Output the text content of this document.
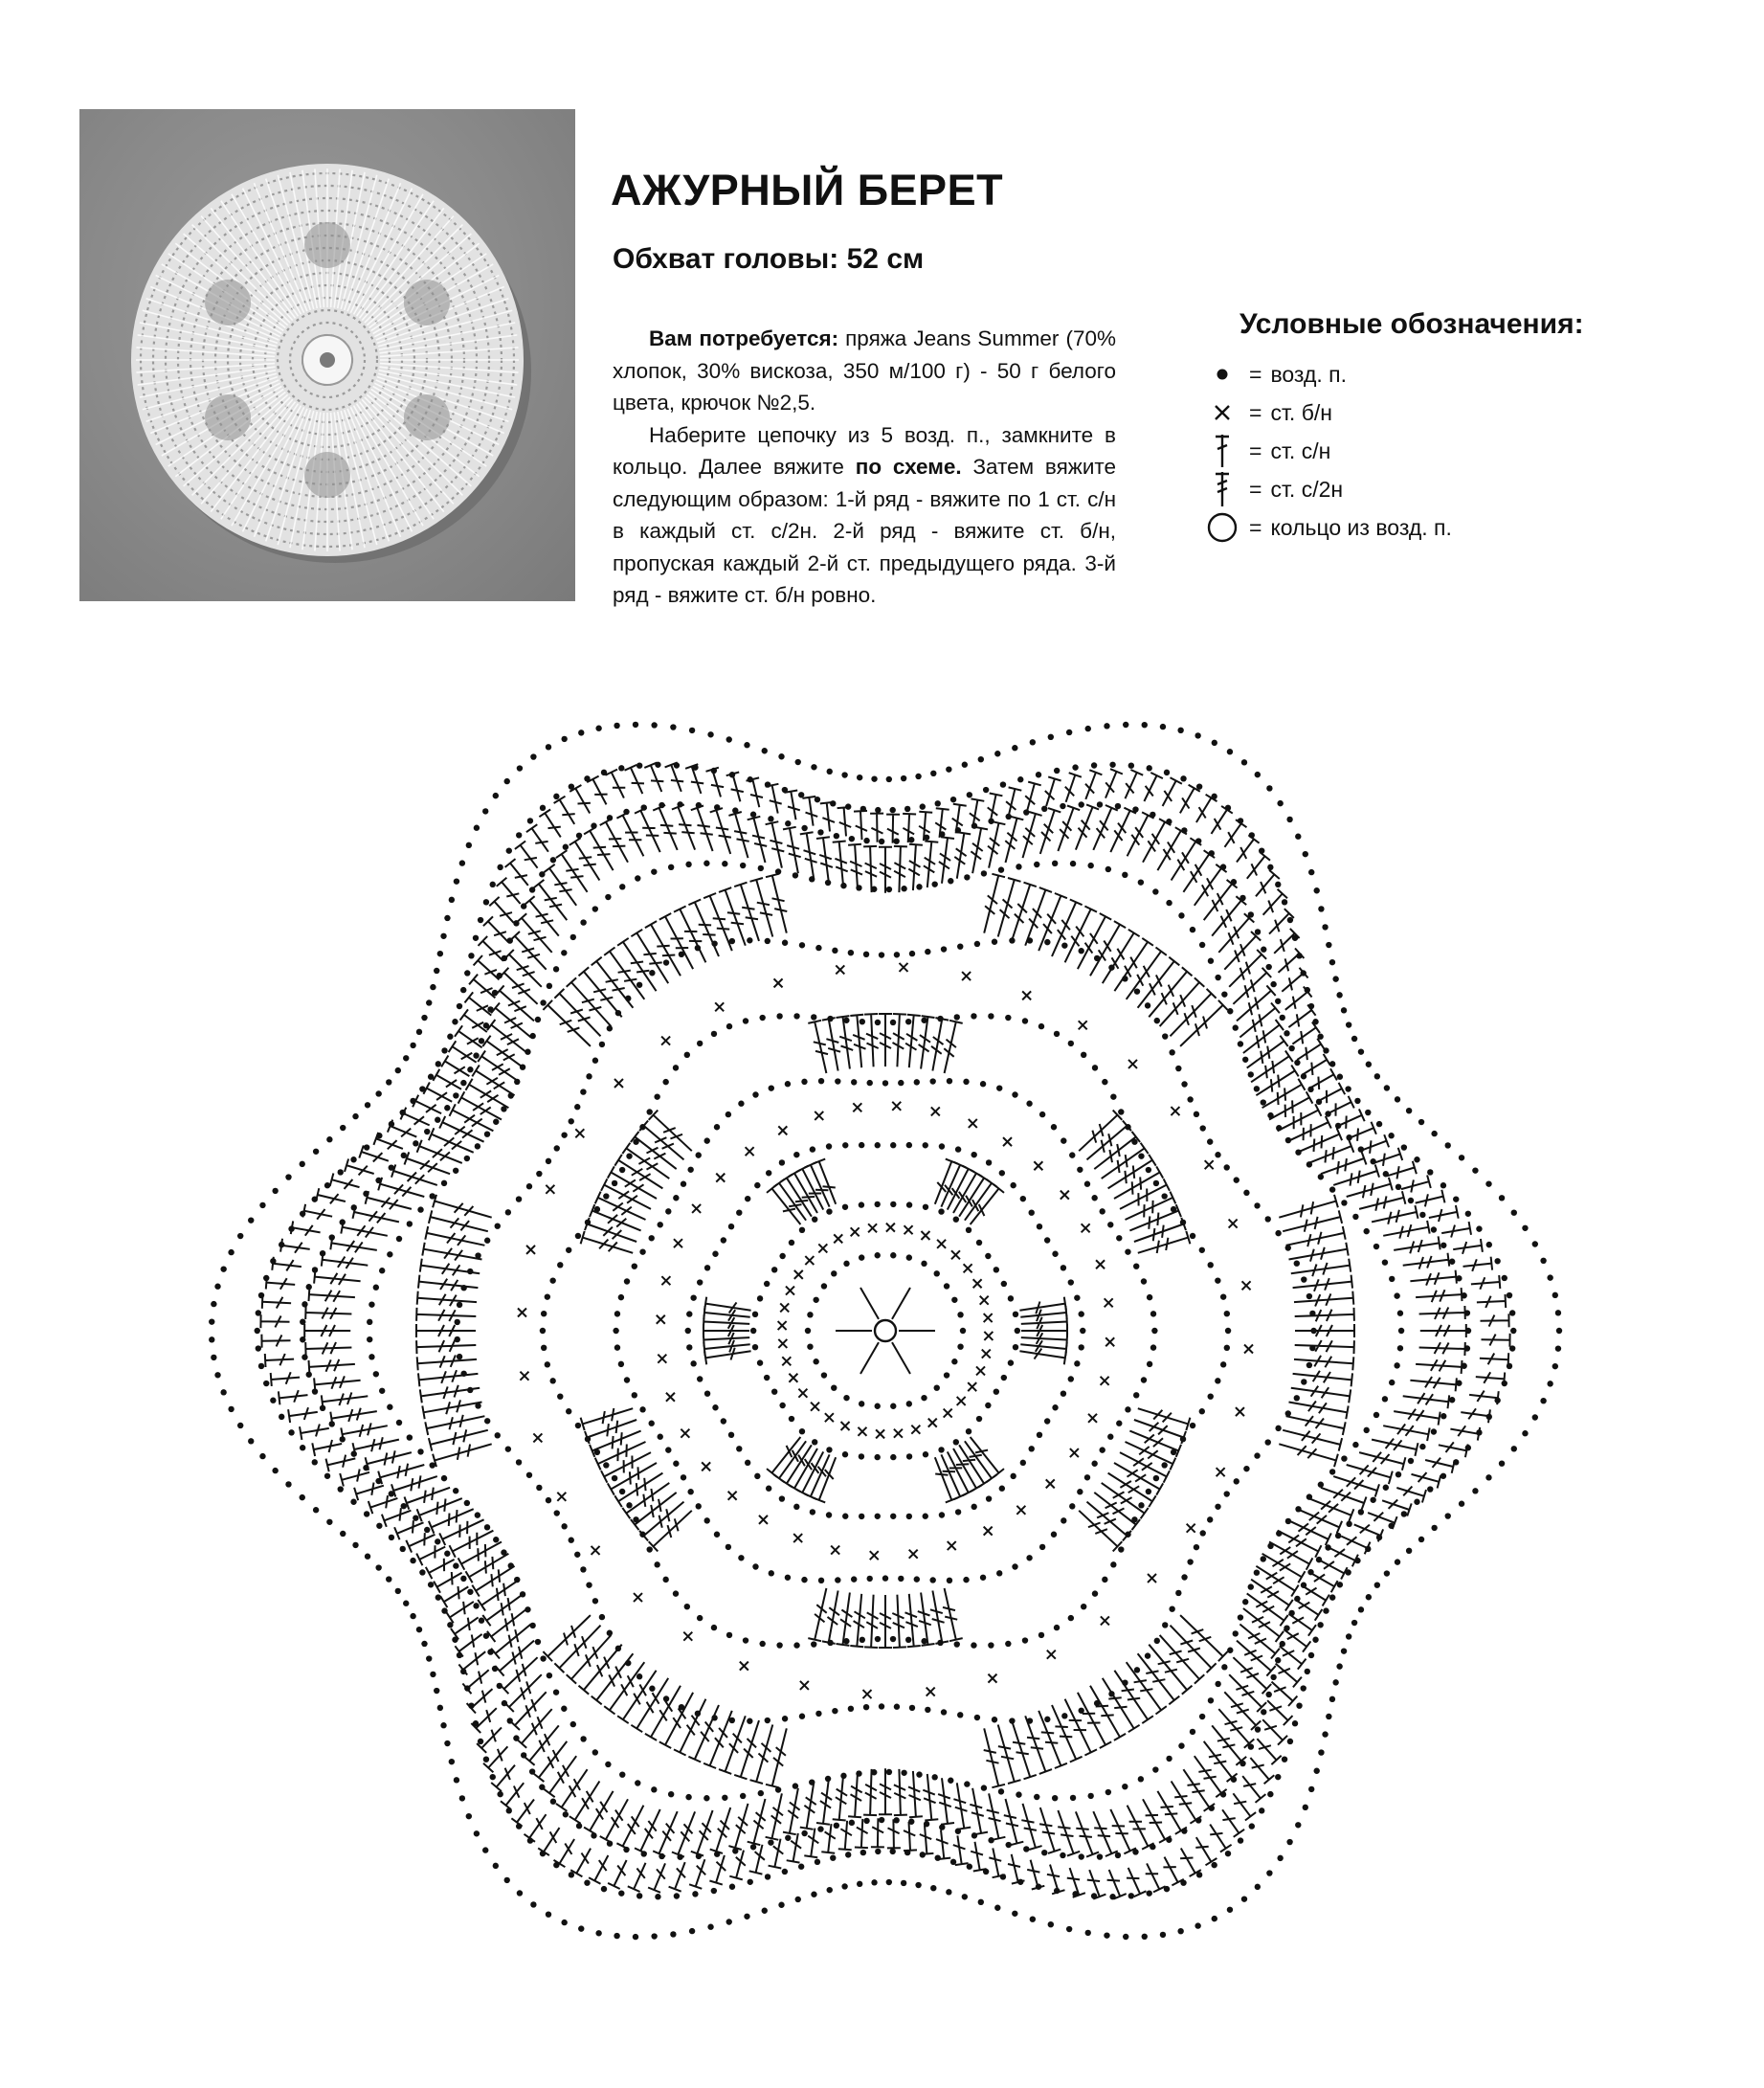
АЖУРНЫЙ БЕРЕТ
Обхват головы: 52 см

Вам потребуется: пряжа Jeans Summer (70% хлопок, 30% вискоза, 350 м/100 г) - 50 г белого цвета, крючок №2,5.

Наберите цепочку из 5 возд. п., замкните в кольцо. Далее вяжите по схеме. Затем вяжите следующим образом: 1-й ряд - вяжите по 1 ст. с/н в каждый ст. с/2н. 2-й ряд - вяжите ст. б/н, пропуская каждый 2-й ст. предыдущего ряда. 3-й ряд - вяжите ст. б/н ровно.

Условные обозначения:
= возд. п.
= ст. б/н
= ст. с/н
= ст. с/2н
= кольцо из возд. п.
